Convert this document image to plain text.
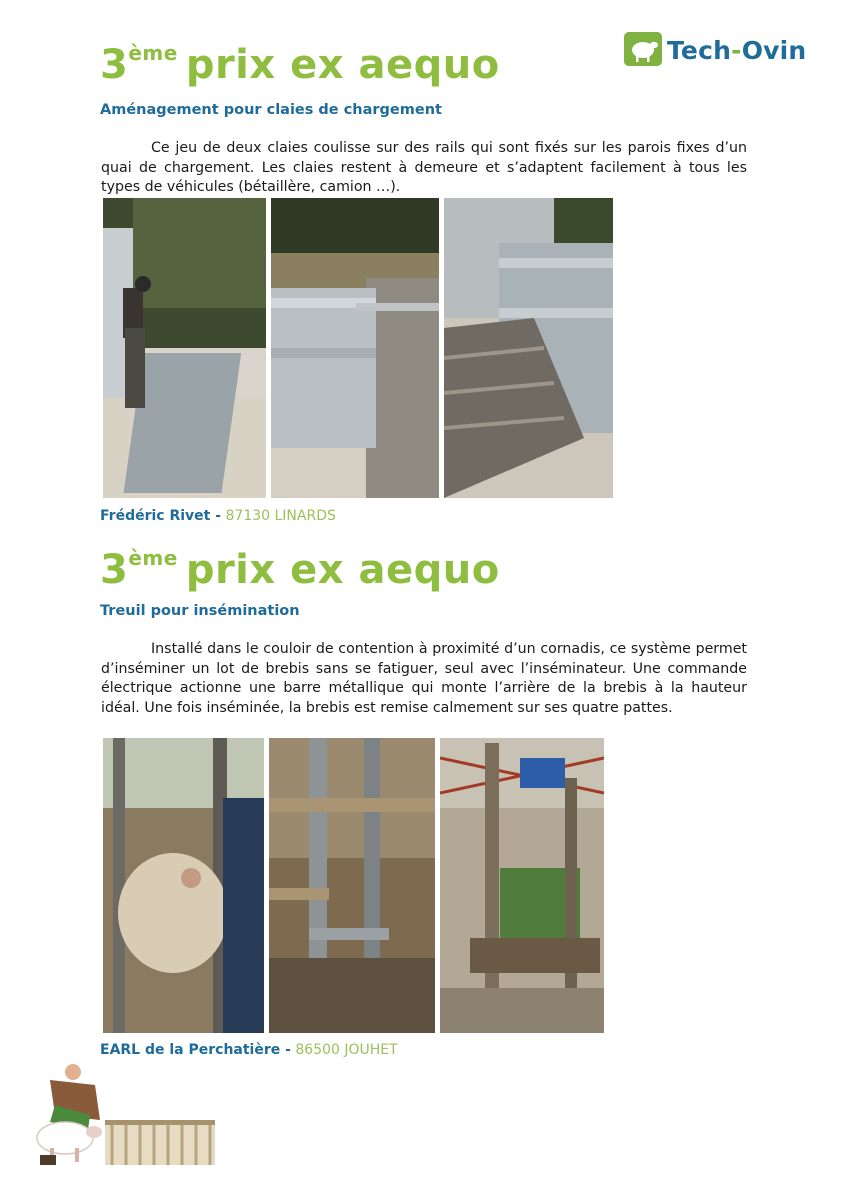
Tech-Ovin
3ème prix ex aequo
Aménagement pour claies de chargement
Ce jeu de deux claies coulisse sur des rails qui sont fixés sur les parois fixes d’un quai de chargement. Les claies restent à demeure et s’adaptent facilement à tous les types de véhicules (bétaillère, camion …).
Frédéric Rivet - 87130 LINARDS
3ème prix ex aequo
Treuil pour insémination
Installé dans le couloir de contention à proximité d’un cornadis, ce système permet d’inséminer un lot de brebis sans se fatiguer, seul avec l’inséminateur. Une commande électrique actionne une barre métallique qui monte l’arrière de la brebis à la hauteur idéal. Une fois inséminée, la brebis est remise calmement sur ses quatre pattes.
EARL de la Perchatière - 86500 JOUHET
